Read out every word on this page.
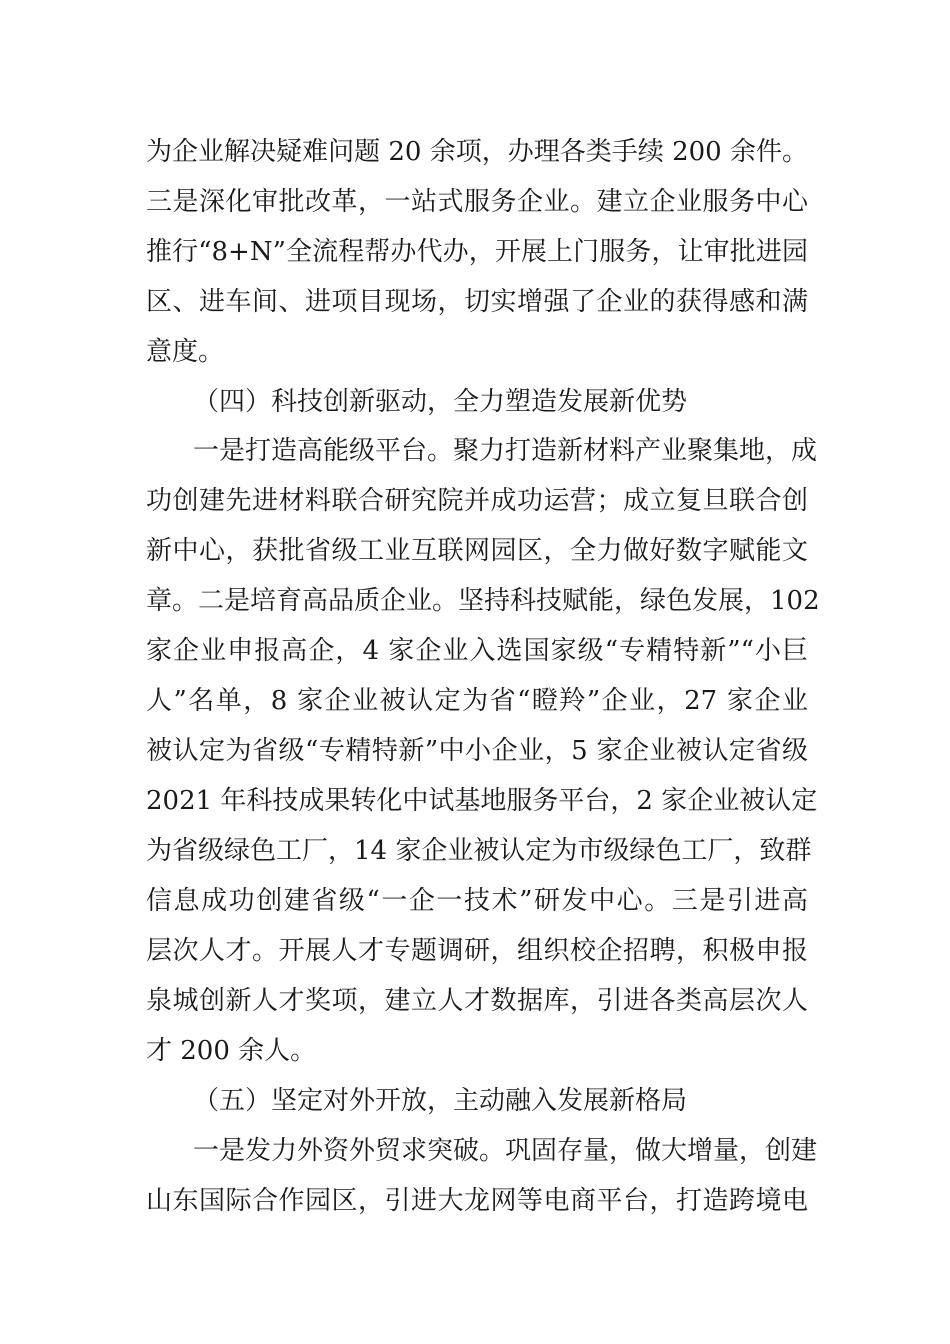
为企业解决疑难问题 20 余项，办理各类手续 200 余件。

三是深化审批改革，一站式服务企业。建立企业服务中心

推行“8+N”全流程帮办代办，开展上门服务，让审批进园

区、进车间、进项目现场，切实增强了企业的获得感和满

意度。

（四）科技创新驱动，全力塑造发展新优势

一是打造高能级平台。聚力打造新材料产业聚集地，成

功创建先进材料联合研究院并成功运营；成立复旦联合创

新中心，获批省级工业互联网园区，全力做好数字赋能文

章。二是培育高品质企业。坚持科技赋能，绿色发展，102

家企业申报高企，4 家企业入选国家级“专精特新”“小巨

人”名单，8 家企业被认定为省“瞪羚”企业，27 家企业

被认定为省级“专精特新”中小企业，5 家企业被认定省级

2021 年科技成果转化中试基地服务平台，2 家企业被认定

为省级绿色工厂，14 家企业被认定为市级绿色工厂，致群

信息成功创建省级“一企一技术”研发中心。三是引进高

层次人才。开展人才专题调研，组织校企招聘，积极申报

泉城创新人才奖项，建立人才数据库，引进各类高层次人

才 200 余人。

（五）坚定对外开放，主动融入发展新格局

一是发力外资外贸求突破。巩固存量，做大增量，创建

山东国际合作园区，引进大龙网等电商平台，打造跨境电
